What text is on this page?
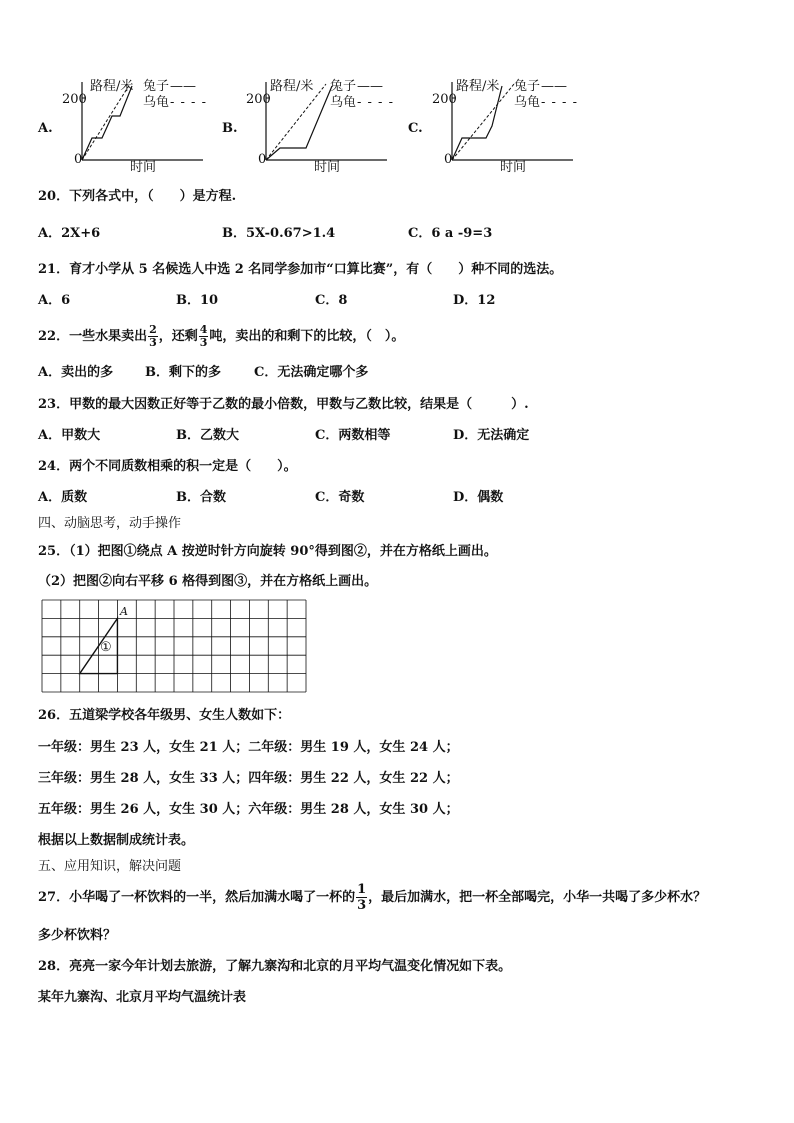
A.	B.	C.
路程/米 兔子 ——
乌龟 - - - -
200
0
时间
路程/米 兔子 ——
乌龟 - - - -
200
0
时间
路程/米 兔子 ——
乌龟 - - - -
200
0
时间
20．下列各式中，（　　）是方程.
A．2X+6	B．5X-0.67>1.4	C．6 a -9=3
21．育才小学从 5 名候选人中选 2 名同学参加市“口算比赛”，有（　　）种不同的选法。
A．6	B．10	C．8	D．12
22．一些水果卖出 $\frac{2}{3}$ ，还剩 $\frac{4}{3}$ 吨，卖出的和剩下的比较，（　）。
A．卖出的多 B．剩下的多	C．无法确定哪个多
23．甲数的最大因数正好等于乙数的最小倍数，甲数与乙数比较，结果是（　　　）.
A．甲数大	B．乙数大	C．两数相等	D．无法确定
24．两个不同质数相乘的积一定是（　　）。
A．质数	B．合数	C．奇数	D．偶数
四、动脑思考，动手操作
25．（1）把图①绕点 A 按逆时针方向旋转 90°得到图②，并在方格纸上画出。
（2）把图②向右平移 6 格得到图③，并在方格纸上画出。
A
①
26．五道梁学校各年级男、女生人数如下：
一年级：男生 23 人，女生 21 人；二年级：男生 19 人，女生 24 人；
三年级：男生 28 人，女生 33 人；四年级：男生 22 人，女生 22 人；
五年级：男生 26 人，女生 30 人；六年级：男生 28 人，女生 30 人；
根据以上数据制成统计表。
五、应用知识，解决问题
27．小华喝了一杯饮料的一半，然后加满水喝了一杯的 $\frac{1}{3}$ ，最后加满水，把一杯全部喝完，小华一共喝了多少杯水？
多少杯饮料？
28．亮亮一家今年计划去旅游，了解九寨沟和北京的月平均气温变化情况如下表。
某年九寨沟、北京月平均气温统计表
